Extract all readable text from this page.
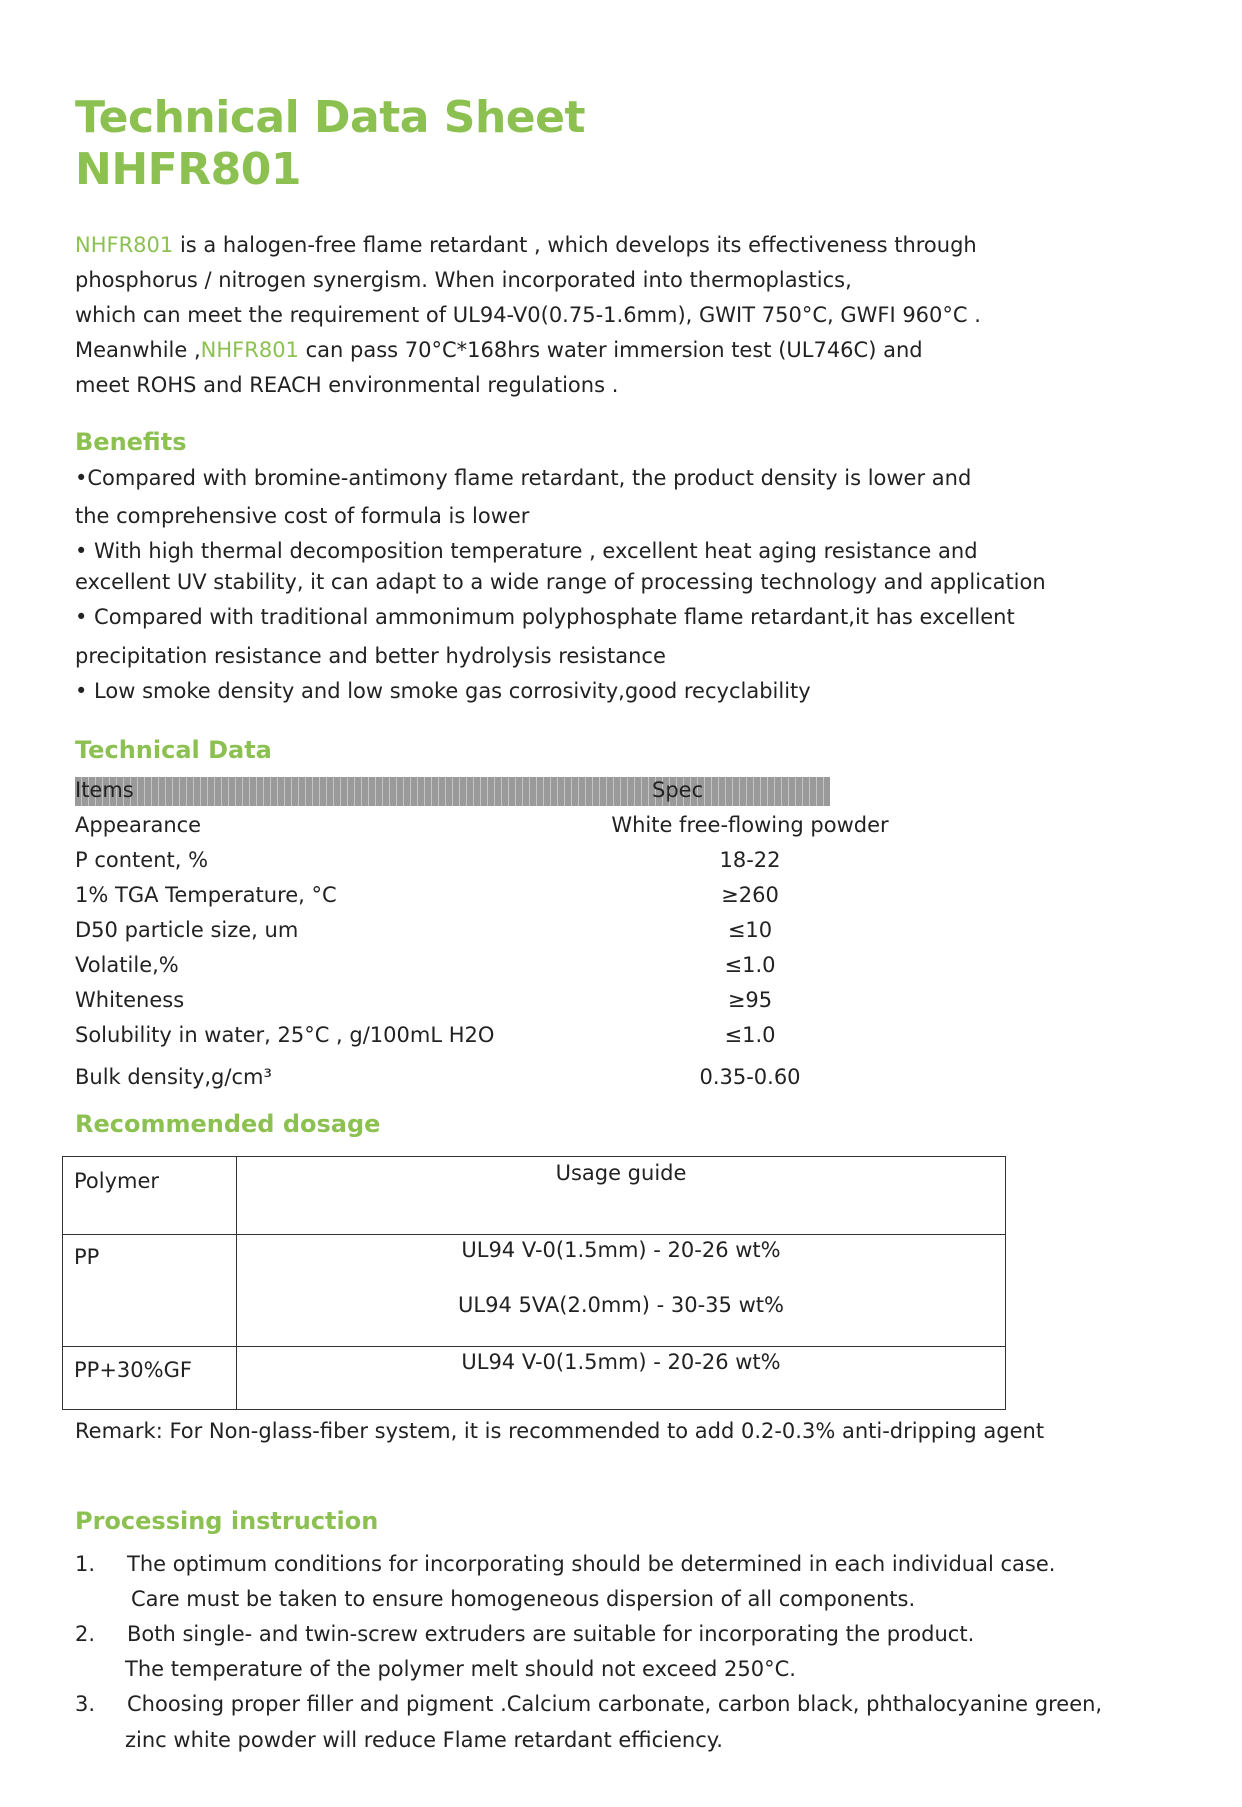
Technical Data Sheet
NHFR801
NHFR801 is a halogen-free flame retardant , which develops its effectiveness through
phosphorus / nitrogen synergism. When incorporated into thermoplastics,
which can meet the requirement of UL94-V0(0.75-1.6mm), GWIT 750°C, GWFI 960°C .
Meanwhile ,NHFR801 can pass 70°C*168hrs water immersion test (UL746C) and
meet ROHS and REACH environmental regulations .
Benefits
•Compared with bromine-antimony flame retardant, the product density is lower and
the comprehensive cost of formula is lower
• With high thermal decomposition temperature , excellent heat aging resistance and
excellent UV stability, it can adapt to a wide range of processing technology and application
• Compared with traditional ammonimum polyphosphate flame retardant,it has excellent
precipitation resistance and better hydrolysis resistance
• Low smoke density and low smoke gas corrosivity,good recyclability
Technical Data
Items	Spec
Appearance	White free-flowing powder
P content, %	18-22
1% TGA Temperature, °C	≥260
D50 particle size, um	≤10
Volatile,%	≤1.0
Whiteness	≥95
Solubility in water, 25°C , g/100mL H2O	≤1.0
Bulk density,g/cm³	0.35-0.60
Recommended dosage
Polymer	Usage guide

PP	UL94 V-0(1.5mm) - 20-26 wt%
UL94 5VA(2.0mm) - 30-35 wt%

PP+30%GF	UL94 V-0(1.5mm) - 20-26 wt%
Remark: For Non-glass-fiber system, it is recommended to add 0.2-0.3% anti-dripping agent
Processing instruction
1. The optimum conditions for incorporating should be determined in each individual case.
Care must be taken to ensure homogeneous dispersion of all components.
2. Both single- and twin-screw extruders are suitable for incorporating the product.
The temperature of the polymer melt should not exceed 250°C.
3. Choosing proper filler and pigment .Calcium carbonate, carbon black, phthalocyanine green,
zinc white powder will reduce Flame retardant efficiency.
